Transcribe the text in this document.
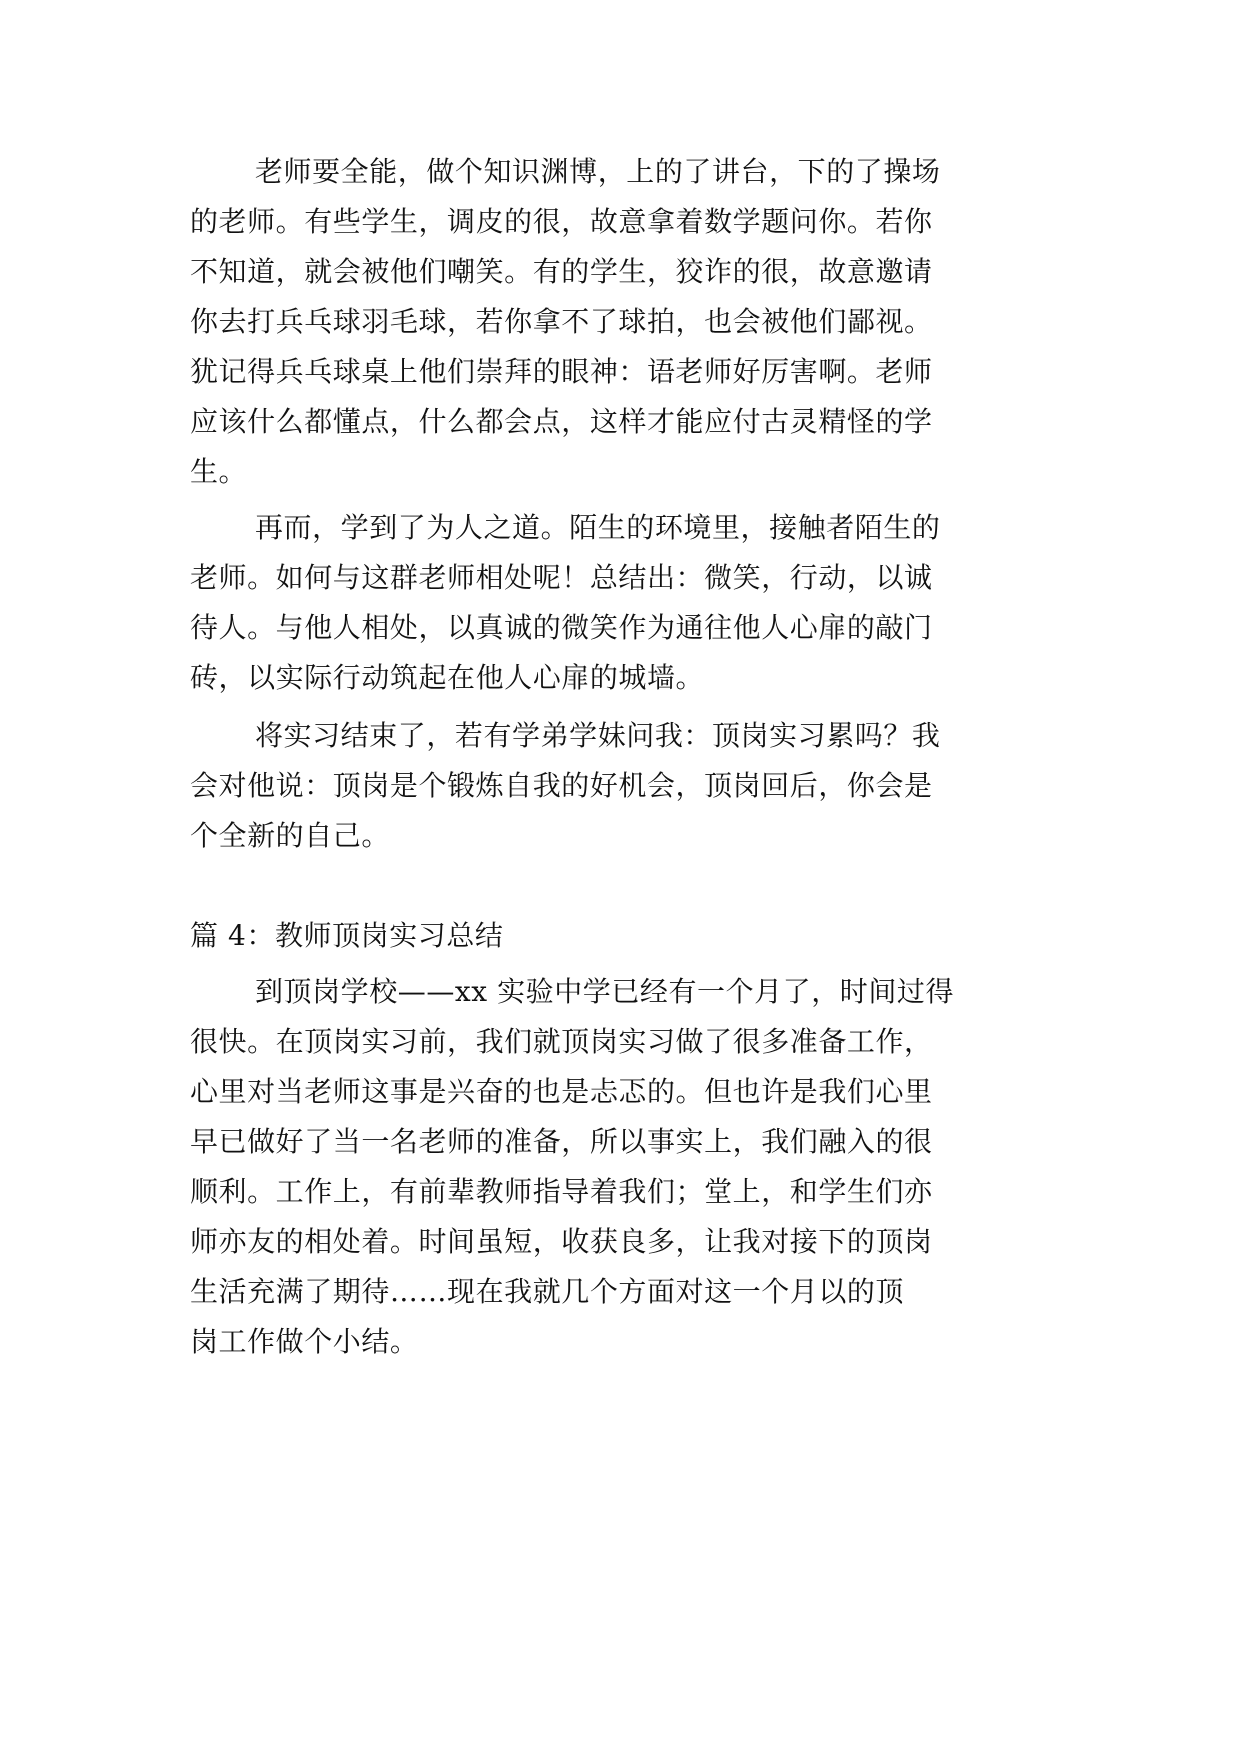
老师要全能，做个知识渊博，上的了讲台，下的了操场
的老师。有些学生，调皮的很，故意拿着数学题问你。若你
不知道，就会被他们嘲笑。有的学生，狡诈的很，故意邀请
你去打兵乓球羽毛球，若你拿不了球拍，也会被他们鄙视。
犹记得兵乓球桌上他们崇拜的眼神：语老师好厉害啊。老师
应该什么都懂点，什么都会点，这样才能应付古灵精怪的学
生。
再而，学到了为人之道。陌生的环境里，接触者陌生的
老师。如何与这群老师相处呢！总结出：微笑，行动，以诚
待人。与他人相处，以真诚的微笑作为通往他人心扉的敲门
砖，以实际行动筑起在他人心扉的城墙。
将实习结束了，若有学弟学妹问我：顶岗实习累吗？我
会对他说：顶岗是个锻炼自我的好机会，顶岗回后，你会是
个全新的自己。
篇 4：教师顶岗实习总结
到顶岗学校——xx 实验中学已经有一个月了，时间过得
很快。在顶岗实习前，我们就顶岗实习做了很多准备工作，
心里对当老师这事是兴奋的也是忐忑的。但也许是我们心里
早已做好了当一名老师的准备，所以事实上，我们融入的很
顺利。工作上，有前辈教师指导着我们；堂上，和学生们亦
师亦友的相处着。时间虽短，收获良多，让我对接下的顶岗
生活充满了期待……现在我就几个方面对这一个月以的顶
岗工作做个小结。
